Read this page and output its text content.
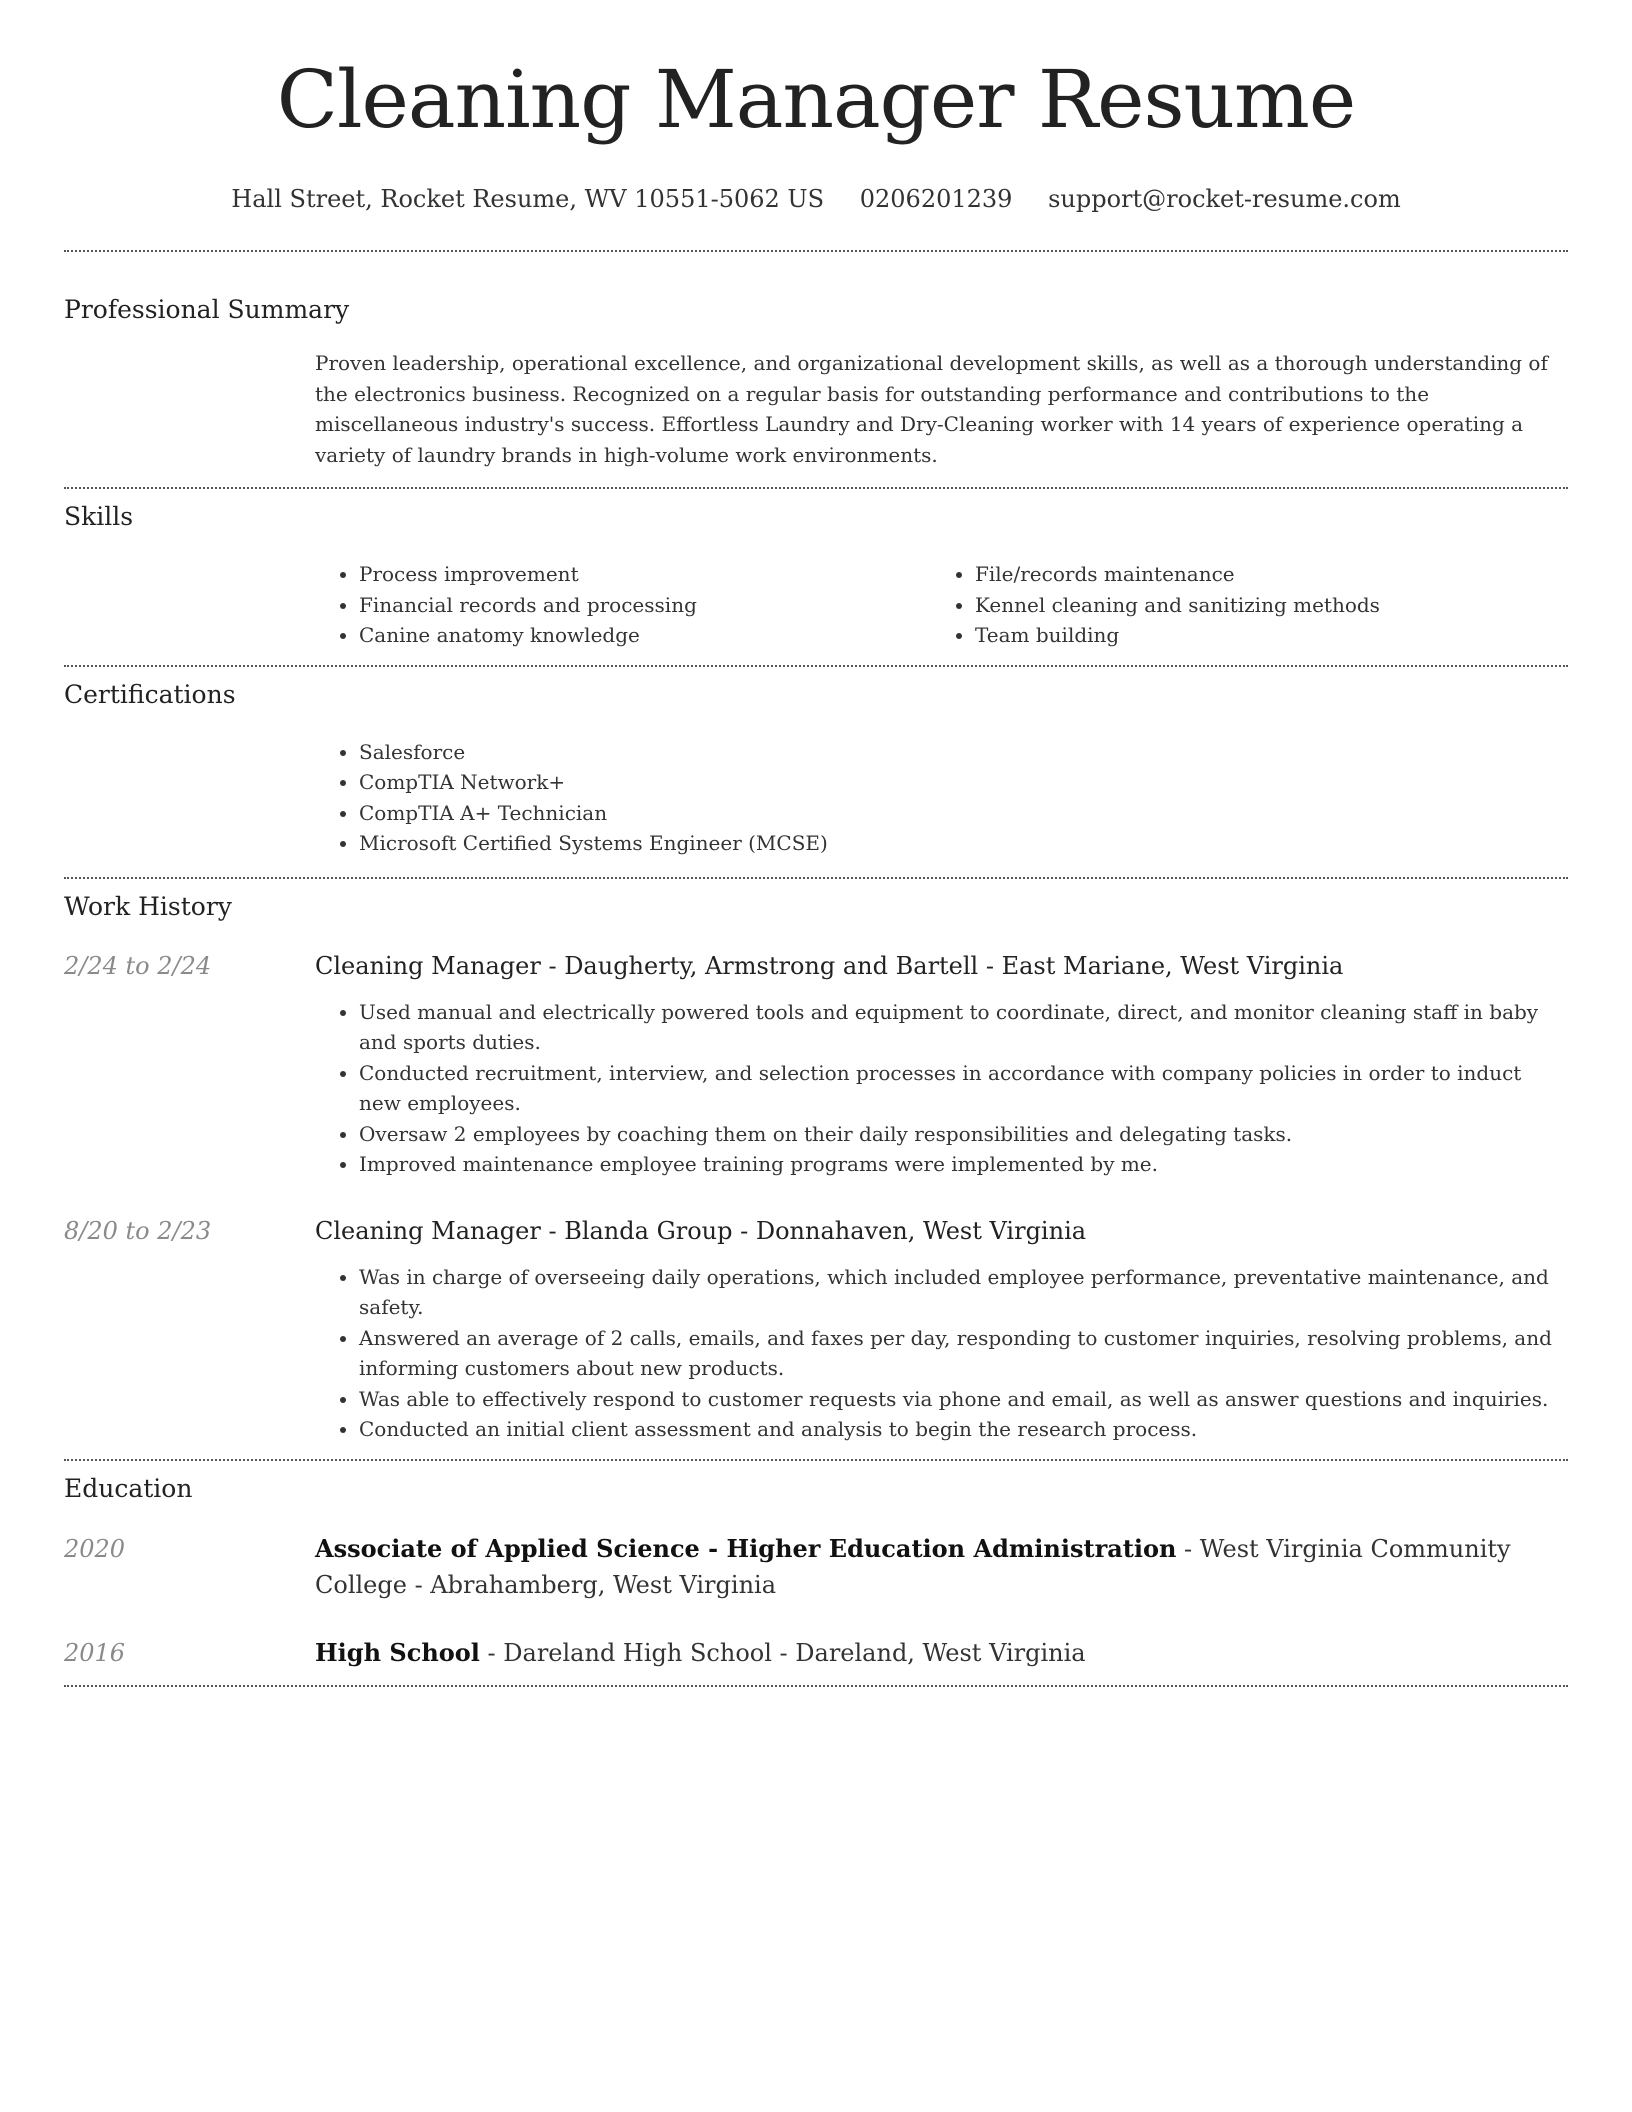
Cleaning Manager Resume
Hall Street, Rocket Resume, WV 10551-5062 US 0206201239 support@rocket-resume.com
Professional Summary
Proven leadership, operational excellence, and organizational development skills, as well as a thorough understanding of the electronics business. Recognized on a regular basis for outstanding performance and contributions to the miscellaneous industry's success. Effortless Laundry and Dry-Cleaning worker with 14 years of experience operating a variety of laundry brands in high-volume work environments.
Skills
• Process improvement
• Financial records and processing
• Canine anatomy knowledge
• File/records maintenance
• Kennel cleaning and sanitizing methods
• Team building
Certifications
• Salesforce
• CompTIA Network+
• CompTIA A+ Technician
• Microsoft Certified Systems Engineer (MCSE)
Work History
2/24 to 2/24	Cleaning Manager - Daugherty, Armstrong and Bartell - East Mariane, West Virginia
• Used manual and electrically powered tools and equipment to coordinate, direct, and monitor cleaning staff in baby and sports duties.
• Conducted recruitment, interview, and selection processes in accordance with company policies in order to induct new employees.
• Oversaw 2 employees by coaching them on their daily responsibilities and delegating tasks.
• Improved maintenance employee training programs were implemented by me.
8/20 to 2/23	Cleaning Manager - Blanda Group - Donnahaven, West Virginia
• Was in charge of overseeing daily operations, which included employee performance, preventative maintenance, and safety.
• Answered an average of 2 calls, emails, and faxes per day, responding to customer inquiries, resolving problems, and informing customers about new products.
• Was able to effectively respond to customer requests via phone and email, as well as answer questions and inquiries.
• Conducted an initial client assessment and analysis to begin the research process.
Education
2020	Associate of Applied Science - Higher Education Administration - West Virginia Community College - Abrahamberg, West Virginia
2016	High School - Dareland High School - Dareland, West Virginia
